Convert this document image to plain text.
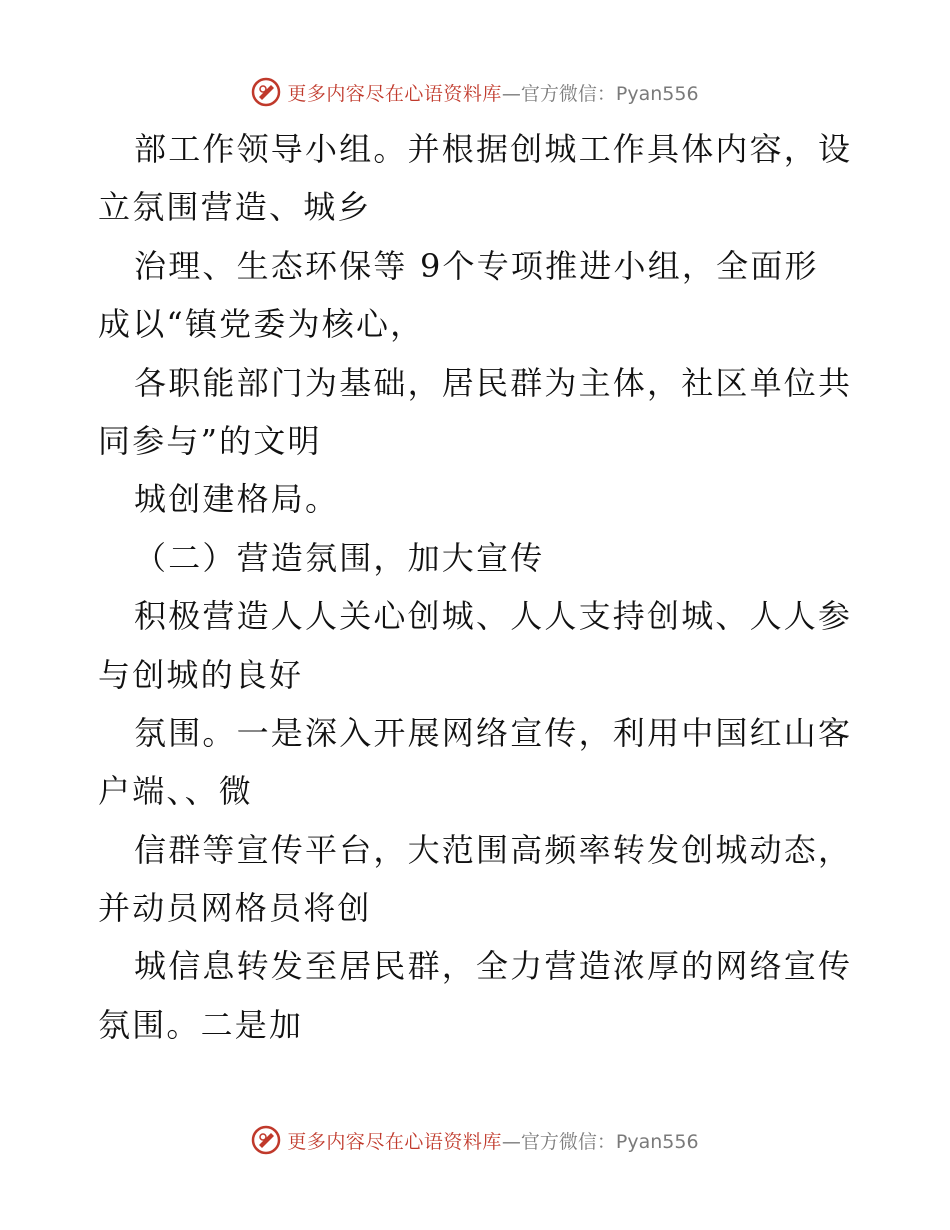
更多内容尽在心语资料库 —官方微信：Pyan556
部工作领导小组。并根据创城工作具体内容，设
立氛围营造、城乡
治理、生态环保等 9个专项推进小组，全面形
成以“镇党委为核心，
各职能部门为基础，居民群为主体，社区单位共
同参与”的文明
城创建格局。
（二）营造氛围，加大宣传
积极营造人人关心创城、人人支持创城、人人参
与创城的良好
氛围。一是深入开展网络宣传，利用中国红山客
户端、、微
信群等宣传平台，大范围高频率转发创城动态，
并动员网格员将创
城信息转发至居民群，全力营造浓厚的网络宣传
氛围。二是加
更多内容尽在心语资料库 —官方微信：Pyan556
